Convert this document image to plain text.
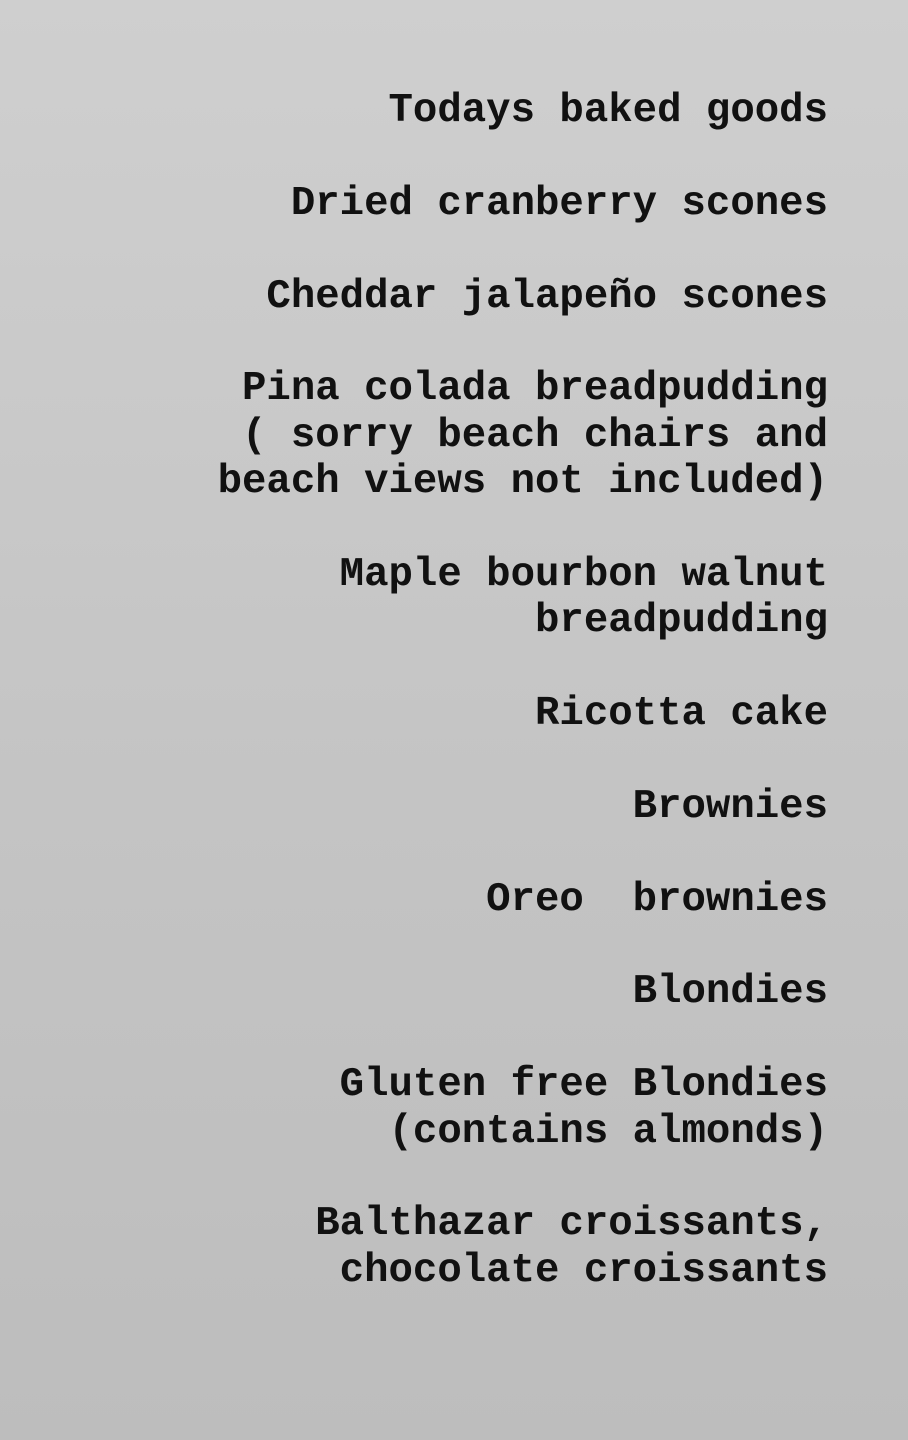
Todays baked goods
Dried cranberry scones
Cheddar jalapeño scones
Pina colada breadpudding
( sorry beach chairs and
beach views not included)
Maple bourbon walnut
breadpudding
Ricotta cake
Brownies
Oreo  brownies
Blondies
Gluten free Blondies
(contains almonds)
Balthazar croissants,
chocolate croissants
